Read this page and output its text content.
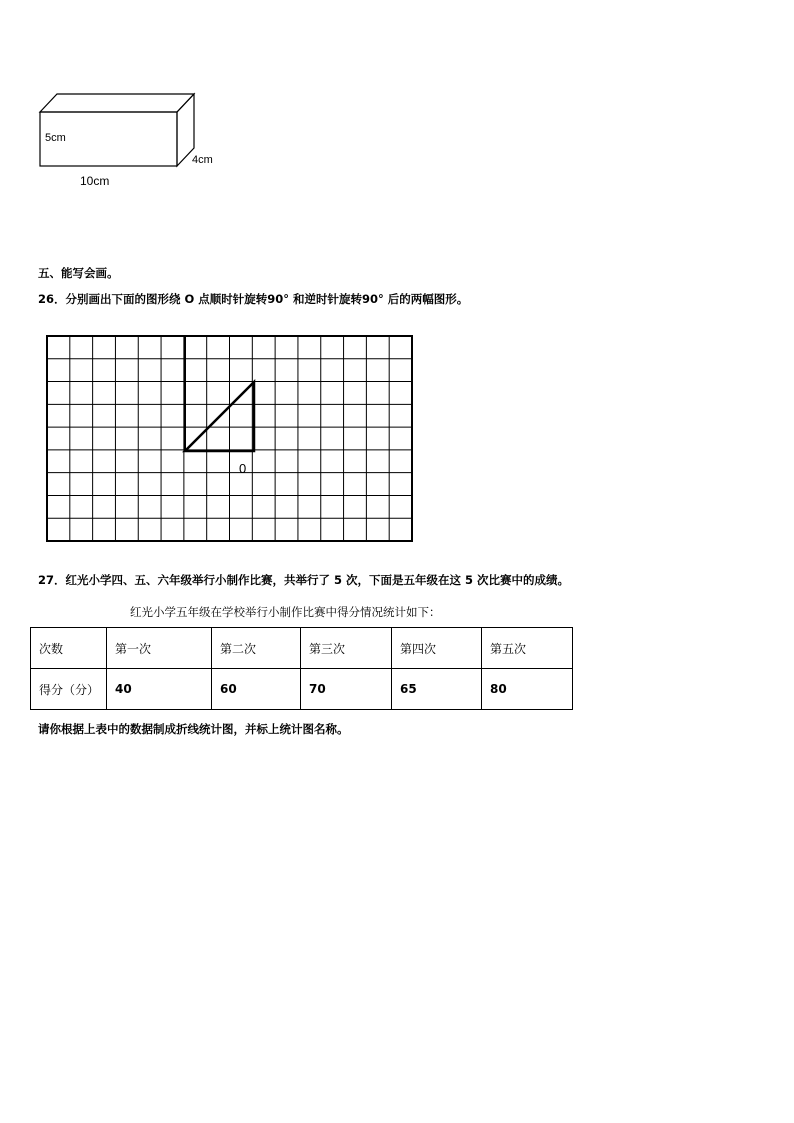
5cm
4cm
10cm
五、能写会画。
26．分别画出下面的图形绕 O 点顺时针旋转90° 和逆时针旋转90° 后的两幅图形。
0
27．红光小学四、五、六年级举行小制作比赛，共举行了 5 次，下面是五年级在这 5 次比赛中的成绩。
红光小学五年级在学校举行小制作比赛中得分情况统计如下：
次数	第一次	第二次	第三次	第四次	第五次
得分（分）	40	60	70	65	80
请你根据上表中的数据制成折线统计图，并标上统计图名称。
